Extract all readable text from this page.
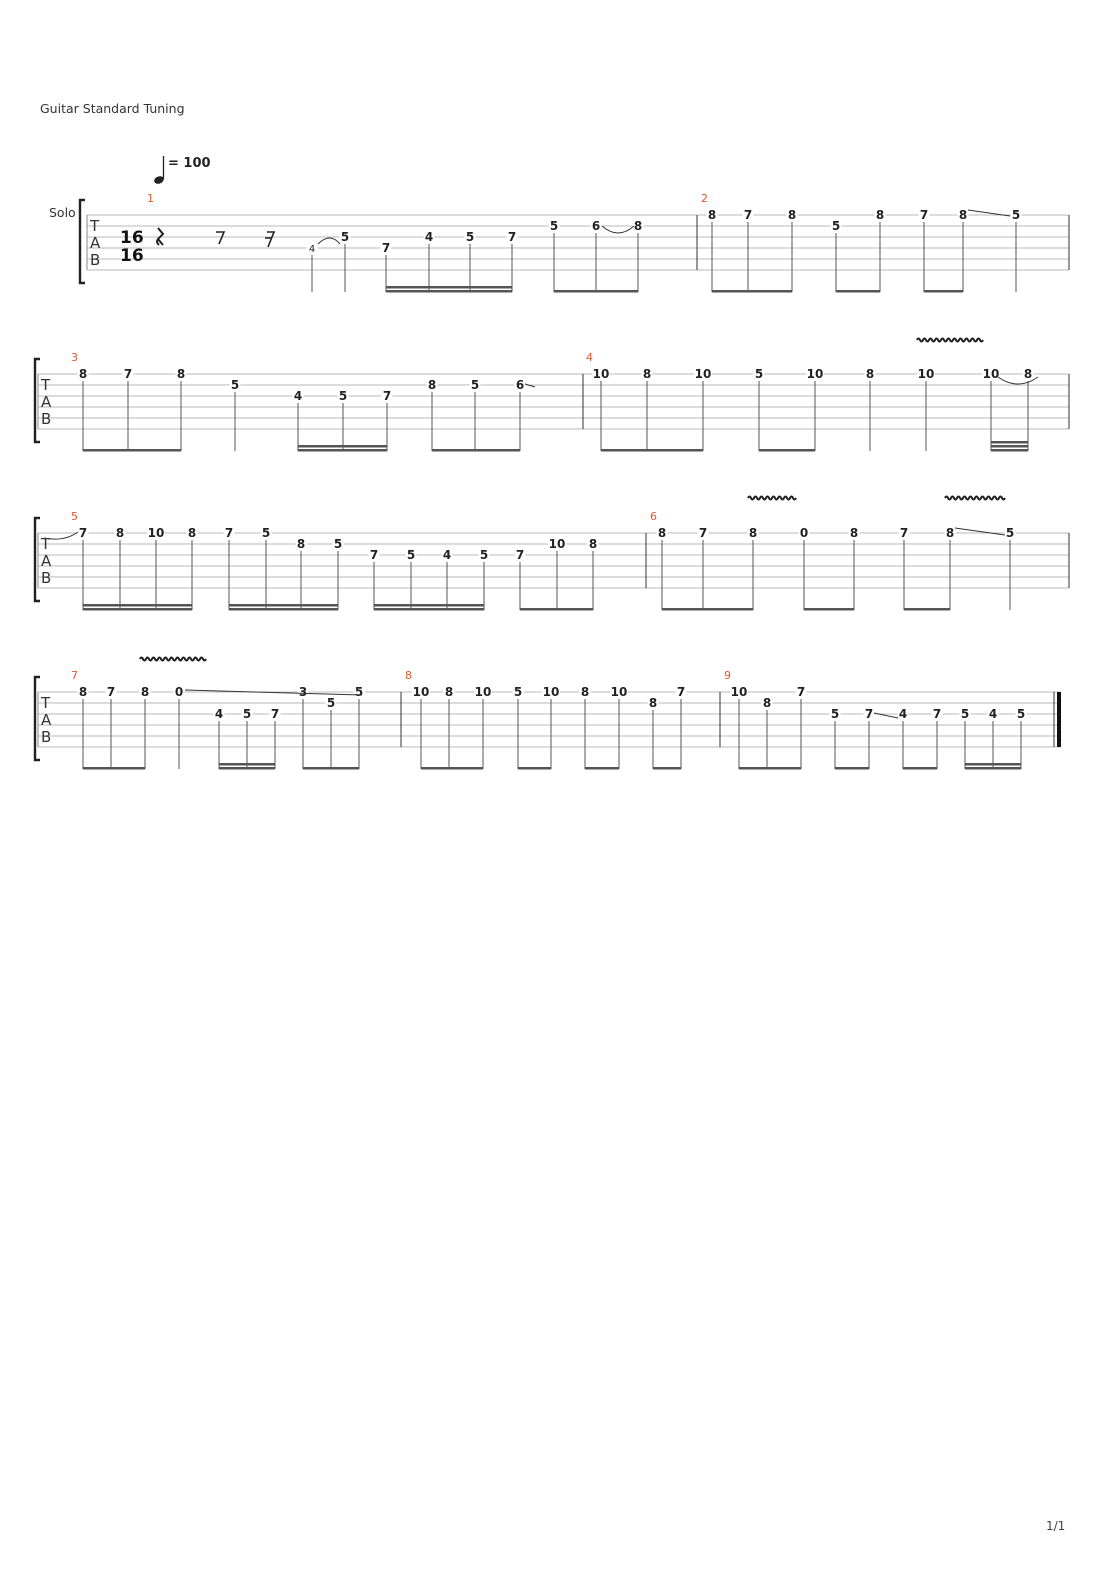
Guitar Standard Tuning
Solo
= 100
1/1
T
A
B
T
A
B
T
A
B
T
A
B
16
16
1
4
5
7
4	5	7
5	6	8
2
8 7	8
5
8	7	8	5
3
8	7	8
5
4	5	7
8	5	6
4
10	8	10	5	10	8	10	10 8
5
7 8 10 8 7 5
8 5
7 5 4 5 7
10 8
6
8	7	8	0	8	7	8	5
7
8 7 8 0
4 5 7
3
5
5
8
10 8 10 5 10 8 10
8
7
9
10
8
7
5 7 4 7 5 4 5
